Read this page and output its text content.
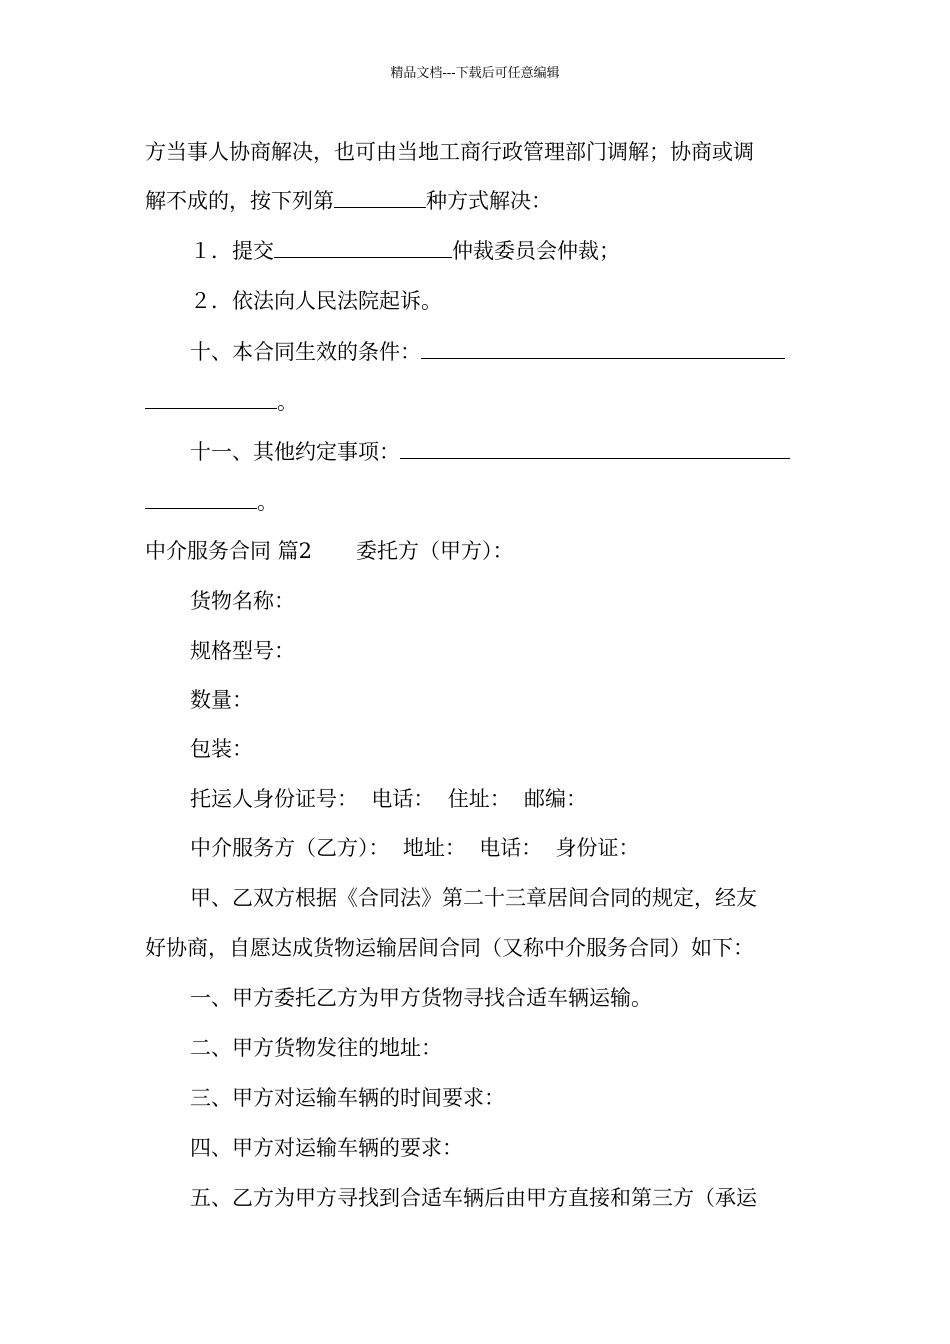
精品文档---下载后可任意编辑
方当事人协商解决，也可由当地工商行政管理部门调解；协商或调
解不成的，按下列第	种方式解决：
１．提交	仲裁委员会仲裁；
２．依法向人民法院起诉。
十、本合同生效的条件：
。
十一、其他约定事项：
。
中介服务合同 篇2 委托方（甲方）：
货物名称：
规格型号：
数量：
包装：
托运人身份证号：  电话：  住址：  邮编：
中介服务方（乙方）：  地址：  电话：  身份证：
甲、乙双方根据《合同法》第二十三章居间合同的规定，经友
好协商，自愿达成货物运输居间合同（又称中介服务合同）如下：
一、甲方委托乙方为甲方货物寻找合适车辆运输。
二、甲方货物发往的地址：
三、甲方对运输车辆的时间要求：
四、甲方对运输车辆的要求：
五、乙方为甲方寻找到合适车辆后由甲方直接和第三方（承运
